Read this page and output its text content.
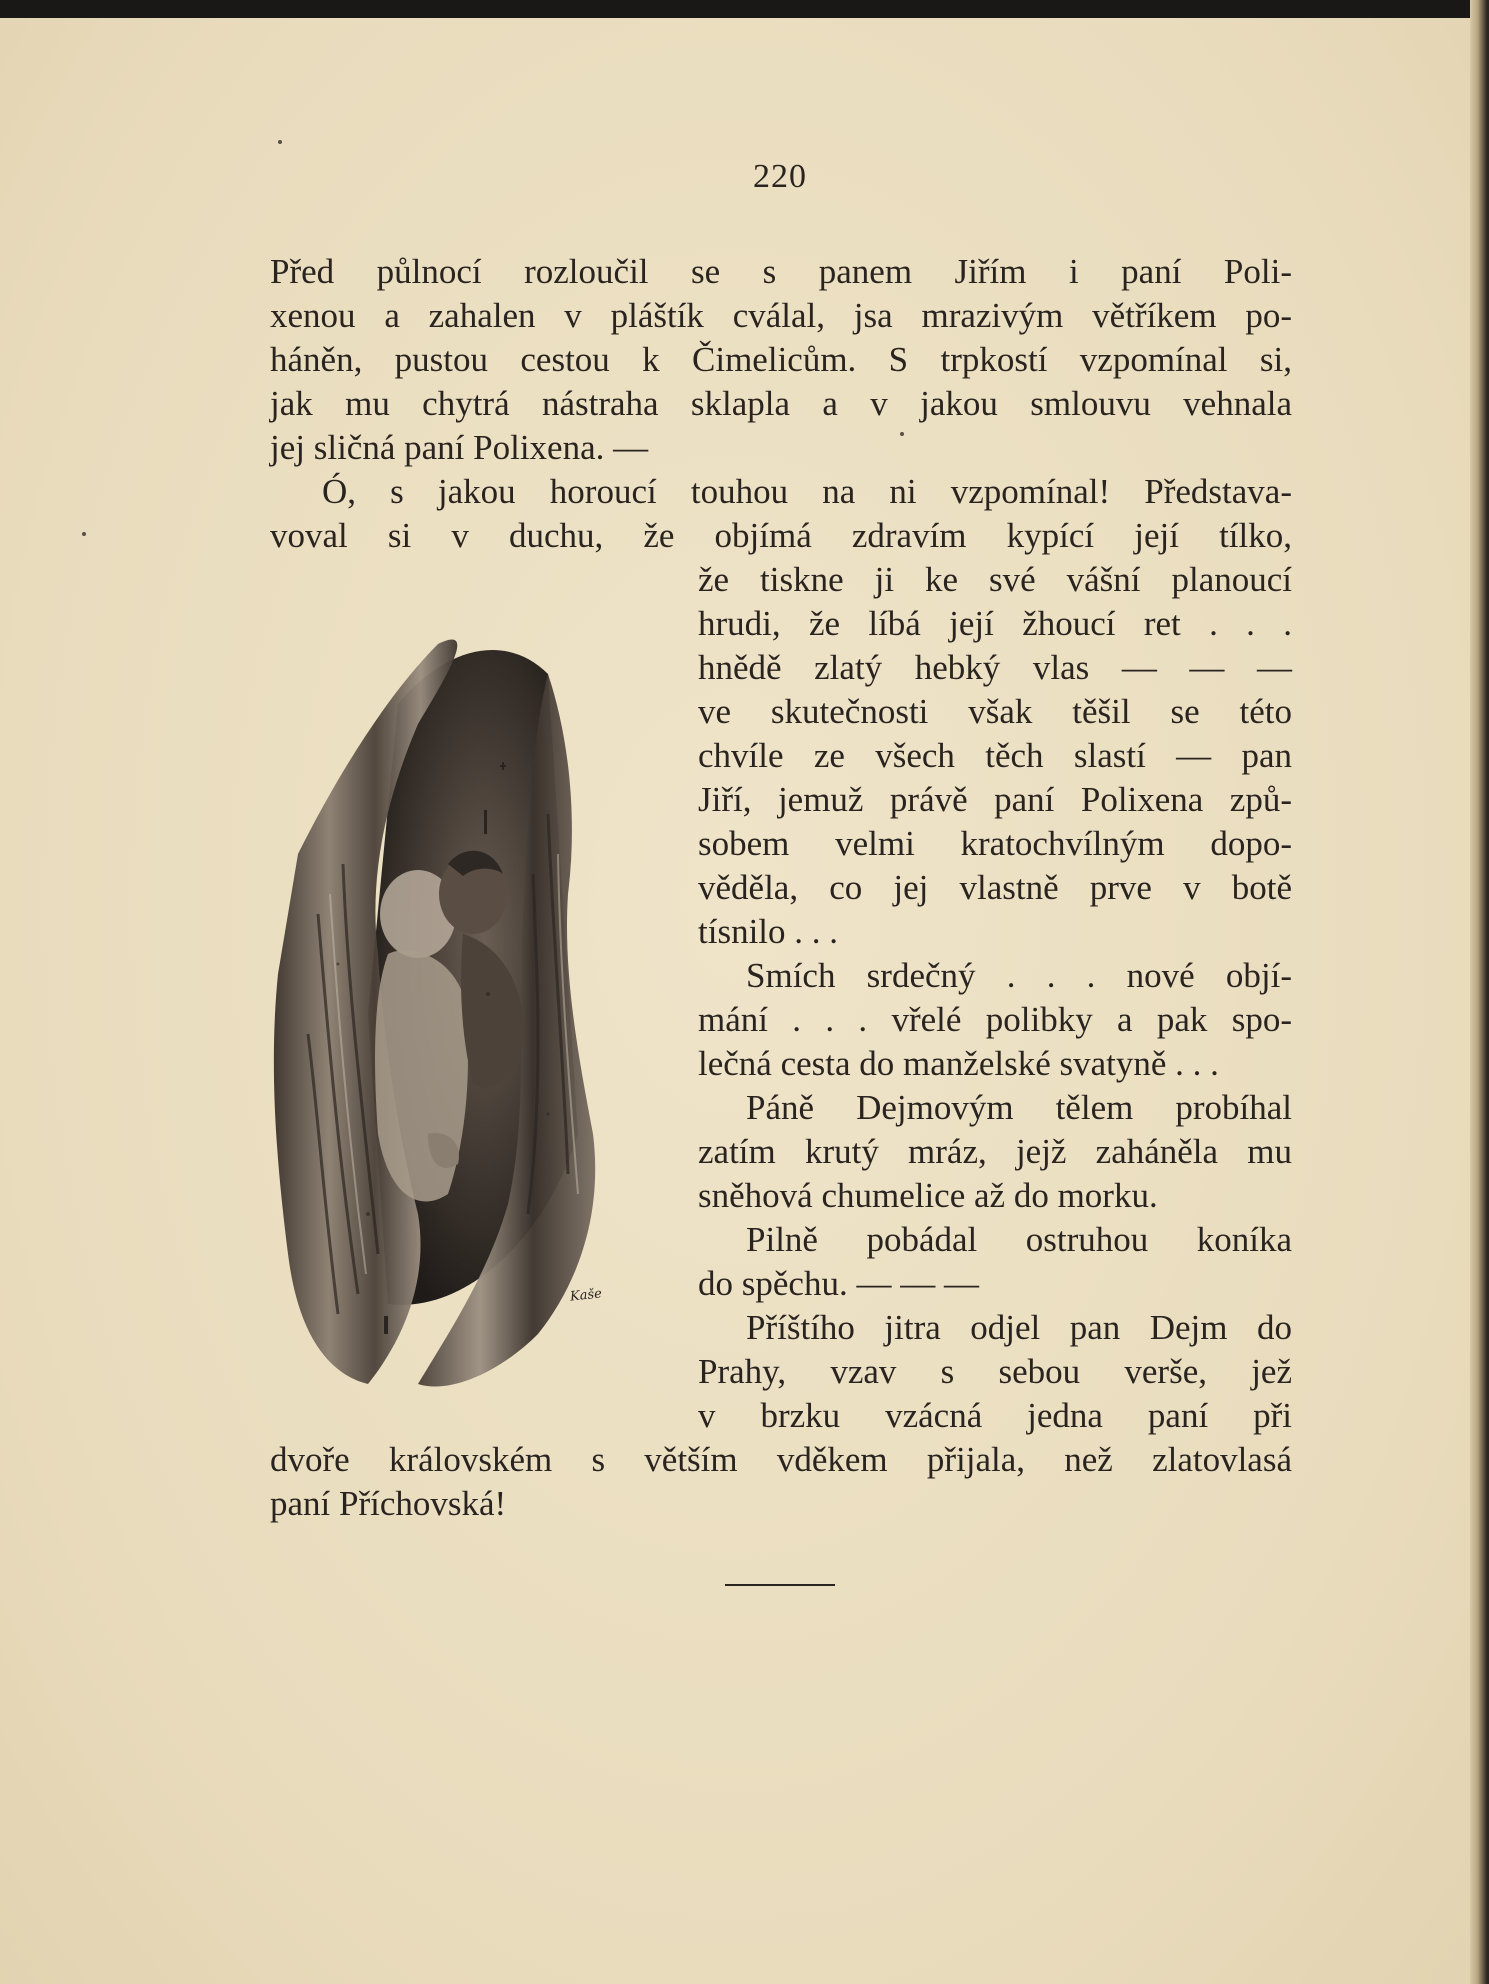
220
Před půlnocí rozloučil se s panem Jiřím i paní Poli-
xenou a zahalen v pláštík cválal, jsa mrazivým větříkem po-
háněn, pustou cestou k Čimelicům. S trpkostí vzpomínal si,
jak mu chytrá nástraha sklapla a v jakou smlouvu vehnala
jej sličná paní Polixena. —
Ó, s jakou horoucí touhou na ni vzpomínal! Představa-
voval si v duchu, že objímá zdravím kypící její tílko,
že tiskne ji ke své vášní planoucí
hrudi, že líbá její žhoucí ret . . .
hnědě zlatý hebký vlas — — —
ve skutečnosti však těšil se této
chvíle ze všech těch slastí — pan
Jiří, jemuž právě paní Polixena způ-
sobem velmi kratochvílným dopo-
věděla, co jej vlastně prve v botě
tísnilo . . .
Smích srdečný . . . nové objí-
mání . . . vřelé polibky a pak spo-
lečná cesta do manželské svatyně . . .
Páně Dejmovým tělem probíhal
zatím krutý mráz, jejž zaháněla mu
sněhová chumelice až do morku.
Pilně pobádal ostruhou koníka
do spěchu. — — —
Příštího jitra odjel pan Dejm do
Prahy, vzav s sebou verše, jež
v brzku vzácná jedna paní při
dvoře královském s větším vděkem přijala, než zlatovlasá
paní Příchovská!
Kaše
